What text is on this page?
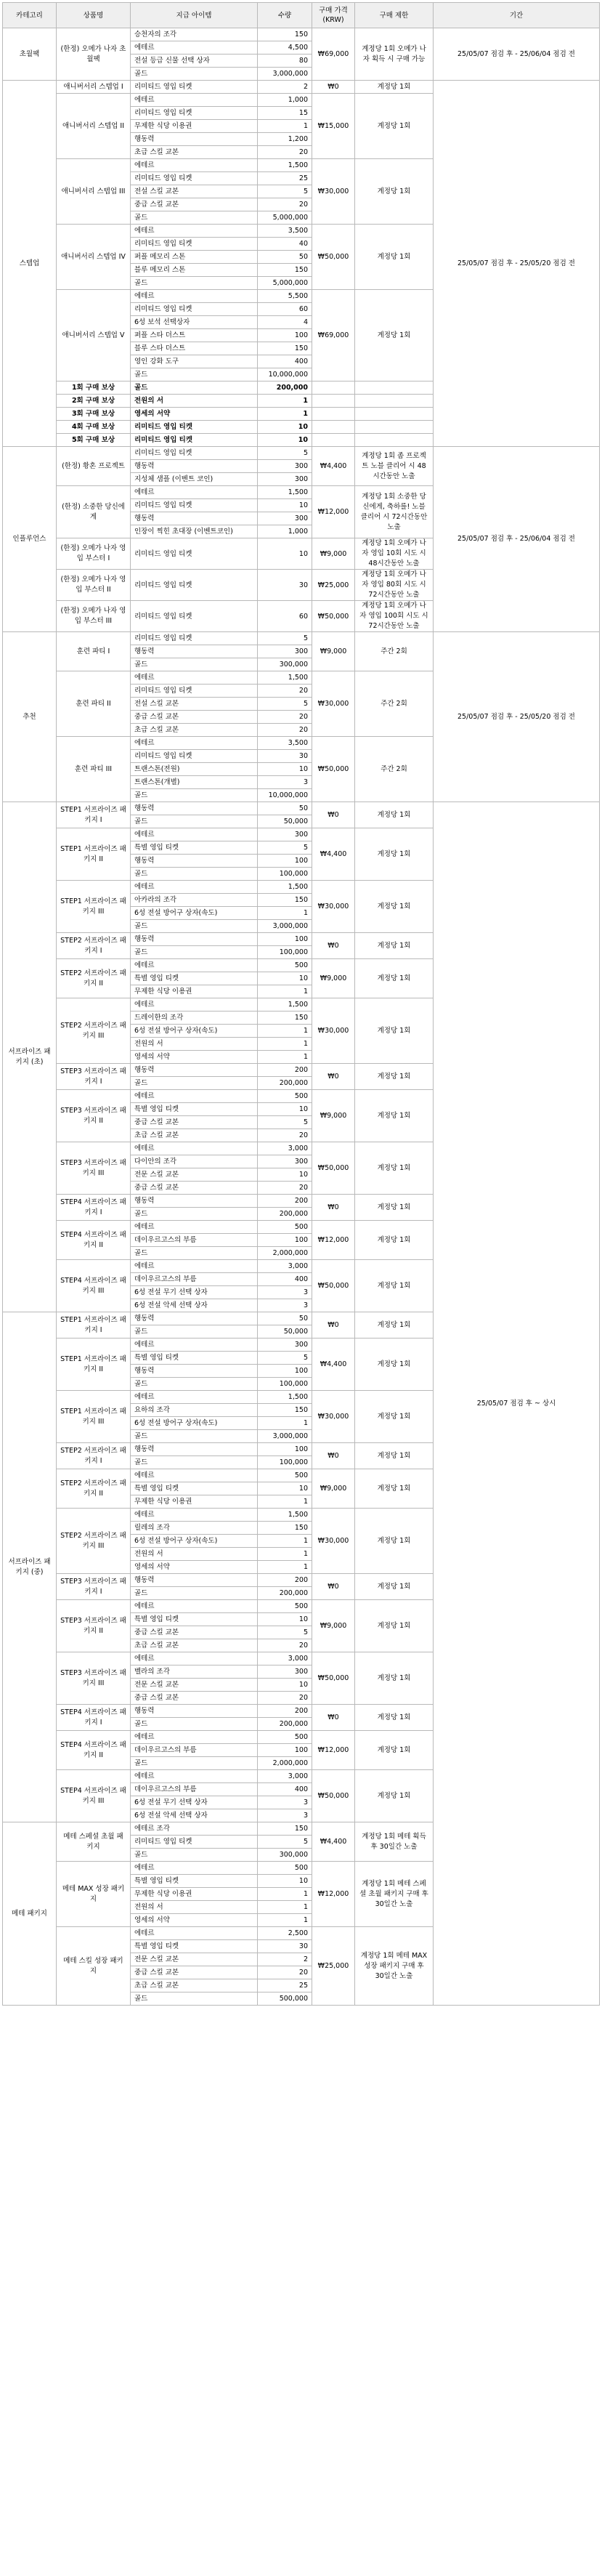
카테고리	상품명	지급 아이템	수량	구매 가격 (KRW)	구매 제한	기간
초월팩	(한정) 오메가 나자 초월팩	승천자의 조각	150	₩69,000	계정당 1회 오메가 나자 획득 시 구매 가능	25/05/07 점검 후 - 25/06/04 점검 전
		에테르	4,500			
		전설 등급 신물 선택 상자	80			
		골드	3,000,000			
스텝업	애니버서리 스텝업 I	리미티드 영입 티켓	2	₩0	계정당 1회	25/05/07 점검 후 - 25/05/20 점검 전
	애니버서리 스텝업 II	에테르	1,000	₩15,000	계정당 1회	
		리미티드 영입 티켓	15			
		무제한 식당 이용권	1			
		행동력	1,200			
		초급 스킬 교본	20			
	애니버서리 스텝업 III	에테르	1,500	₩30,000	계정당 1회	
		리미티드 영입 티켓	25			
		전설 스킬 교본	5			
		중급 스킬 교본	20			
		골드	5,000,000			
	애니버서리 스텝업 IV	에테르	3,500	₩50,000	계정당 1회	
		리미티드 영입 티켓	40			
		퍼플 메모리 스톤	50			
		블루 메모리 스톤	150			
		골드	5,000,000			
	애니버서리 스텝업 V	에테르	5,500	₩69,000	계정당 1회	
		리미티드 영입 티켓	60			
		6성 보석 선택상자	4			
		퍼플 스타 더스트	100			
		블루 스타 더스트	150			
		영인 강화 도구	400			
		골드	10,000,000			
	1회 구매 보상	골드	200,000			
	2회 구매 보상	전원의 서	1			
	3회 구매 보상	영세의 서약	1			
	4회 구매 보상	리미티드 영입 티켓	10			
	5회 구매 보상	리미티드 영입 티켓	10			
인플루언스	(한정) 황혼 프로젝트	리미티드 영입 티켓	5	₩4,400	계정당 1회 좀 프로젝트 노블 클리어 시 48시간동안 노출	25/05/07 점검 후 - 25/06/04 점검 전
		행동력	300			
		지성체 샘플 (이벤트 코인)	300			
	(한정) 소중한 당신에게	에테르	1,500	₩12,000	계정당 1회 소중한 당신에게, 축하를! 노블 클리어 시 72시간동안 노출	
		리미티드 영입 티켓	10			
		행동력	300			
		인장이 찍힌 초대장 (이벤트코인)	1,000			
	(한정) 오메가 나자 영입 부스터 I	리미티드 영입 티켓	10	₩9,000	계정당 1회 오메가 나자 영입 10회 시도 시 48시간동안 노출	
	(한정) 오메가 나자 영입 부스터 II	리미티드 영입 티켓	30	₩25,000	계정당 1회 오메가 나자 영입 80회 시도 시 72시간동안 노출	
	(한정) 오메가 나자 영입 부스터 III	리미티드 영입 티켓	60	₩50,000	계정당 1회 오메가 나자 영입 100회 시도 시 72시간동안 노출	
추천	훈련 파티 I	리미티드 영입 티켓	5	₩9,000	주간 2회	25/05/07 점검 후 - 25/05/20 점검 전
		행동력	300			
		골드	300,000			
	훈련 파티 II	에테르	1,500	₩30,000	주간 2회	
		리미티드 영입 티켓	20			
		전설 스킬 교본	5			
		중급 스킬 교본	20			
		초급 스킬 교본	20			
	훈련 파티 III	에테르	3,500	₩50,000	주간 2회	
		리미티드 영입 티켓	30			
		트랜스톤(전원)	10			
		트랜스톤(개별)	3			
		골드	10,000,000			
서프라이즈 패키지 (초)	STEP1 서프라이즈 패키지 I	행동력	50	₩0	계정당 1회	25/05/07 점검 후 ~ 상시
		골드	50,000			
	STEP1 서프라이즈 패키지 II	에테르	300	₩4,400	계정당 1회	
		특별 영입 티켓	5			
		행동력	100			
		골드	100,000			
	STEP1 서프라이즈 패키지 III	에테르	1,500	₩30,000	계정당 1회	
		아카라의 조각	150			
		6성 전설 방어구 상자(속도)	1			
		골드	3,000,000			
	STEP2 서프라이즈 패키지 I	행동력	100	₩0	계정당 1회	
		골드	100,000			
	STEP2 서프라이즈 패키지 II	에테르	500	₩9,000	계정당 1회	
		특별 영입 티켓	10			
		무제한 식당 이용권	1			
	STEP2 서프라이즈 패키지 III	에테르	1,500	₩30,000	계정당 1회	
		드레이한의 조각	150			
		6성 전설 방어구 상자(속도)	1			
		전원의 서	1			
		영세의 서약	1			
	STEP3 서프라이즈 패키지 I	행동력	200	₩0	계정당 1회	
		골드	200,000			
	STEP3 서프라이즈 패키지 II	에테르	500	₩9,000	계정당 1회	
		특별 영입 티켓	10			
		중급 스킬 교본	5			
		초급 스킬 교본	20			
	STEP3 서프라이즈 패키지 III	에테르	3,000	₩50,000	계정당 1회	
		다이안의 조각	300			
		전문 스킬 교본	10			
		중급 스킬 교본	20			
	STEP4 서프라이즈 패키지 I	행동력	200	₩0	계정당 1회	
		골드	200,000			
	STEP4 서프라이즈 패키지 II	에테르	500	₩12,000	계정당 1회	
		데이우르고스의 부름	100			
		골드	2,000,000			
	STEP4 서프라이즈 패키지 III	에테르	3,000	₩50,000	계정당 1회	
		데이우르고스의 부름	400			
		6성 전설 무기 선택 상자	3			
		6성 전설 악세 선택 상자	3			
서프라이즈 패키지 (중)	STEP1 서프라이즈 패키지 I	행동력	50	₩0	계정당 1회	
		골드	50,000			
	STEP1 서프라이즈 패키지 II	에테르	300	₩4,400	계정당 1회	
		특별 영입 티켓	5			
		행동력	100			
		골드	100,000			
	STEP1 서프라이즈 패키지 III	에테르	1,500	₩30,000	계정당 1회	
		요하의 조각	150			
		6성 전설 방어구 상자(속도)	1			
		골드	3,000,000			
	STEP2 서프라이즈 패키지 I	행동력	100	₩0	계정당 1회	
		골드	100,000			
	STEP2 서프라이즈 패키지 II	에테르	500	₩9,000	계정당 1회	
		특별 영입 티켓	10			
		무제한 식당 이용권	1			
	STEP2 서프라이즈 패키지 III	에테르	1,500	₩30,000	계정당 1회	
		릴레의 조각	150			
		6성 전설 방어구 상자(속도)	1			
		전원의 서	1			
		영세의 서약	1			
	STEP3 서프라이즈 패키지 I	행동력	200	₩0	계정당 1회	
		골드	200,000			
	STEP3 서프라이즈 패키지 II	에테르	500	₩9,000	계정당 1회	
		특별 영입 티켓	10			
		중급 스킬 교본	5			
		초급 스킬 교본	20			
	STEP3 서프라이즈 패키지 III	에테르	3,000	₩50,000	계정당 1회	
		벨라의 조각	300			
		전문 스킬 교본	10			
		중급 스킬 교본	20			
	STEP4 서프라이즈 패키지 I	행동력	200	₩0	계정당 1회	
		골드	200,000			
	STEP4 서프라이즈 패키지 II	에테르	500	₩12,000	계정당 1회	
		데이우르고스의 부름	100			
		골드	2,000,000			
	STEP4 서프라이즈 패키지 III	에테르	3,000	₩50,000	계정당 1회	
		데이우르고스의 부름	400			
		6성 전설 무기 선택 상자	3			
		6성 전설 악세 선택 상자	3			
메테 패키지	메테 스페셜 초월 패키지	에테르 조각	150	₩4,400	계정당 1회 메테 획득 후 30일간 노출	
		리미티드 영입 티켓	5			
		골드	300,000			
	메테 MAX 성장 패키지	에테르	500	₩12,000	계정당 1회 메테 스페셜 초월 패키지 구매 후 30일간 노출	
		특별 영입 티켓	10			
		무제한 식당 이용권	1			
		전원의 서	1			
		영세의 서약	1			
	메테 스킬 성장 패키지	에테르	2,500	₩25,000	계정당 1회 메테 MAX 성장 패키지 구매 후 30일간 노출	
		특별 영입 티켓	30			
		전문 스킬 교본	2			
		중급 스킬 교본	20			
		초급 스킬 교본	25			
		골드	500,000			
